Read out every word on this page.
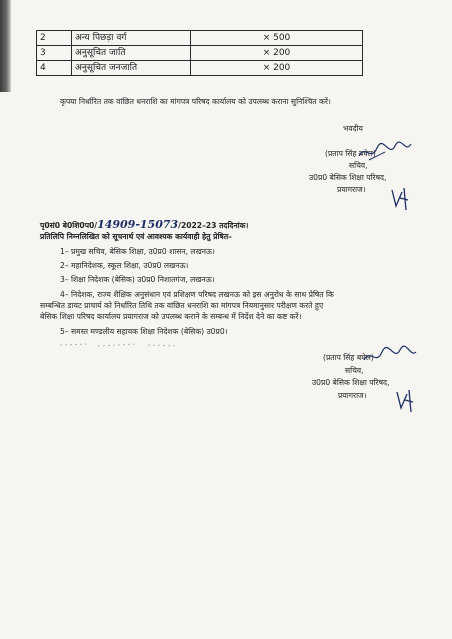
2	अन्य पिछड़ा वर्ग	× 500
3	अनुसूचित जाति	× 200
4	अनुसूचित जनजाति	× 200
कृपया निर्धारित तक वांछित धनराशि का मांगपत्र परिषद कार्यालय को उपलब्ध कराना सुनिश्चित करें।
भवदीय
(प्रताप सिंह बघेल)
सचिव,
उ0प्र0 बेसिक शिक्षा परिषद,
प्रयागराज।
पृ0सं0 बे0शि0प0/14909-15073/2022–23 तददिनांक।
प्रतिलिपि निम्नलिखित को सूचनार्थ एवं आवश्यक कार्यवाही हेतु प्रेषित–
1– प्रमुख सचिव, बेसिक शिक्षा, उ0प्र0 शासन, लखनऊ।
2– महानिदेशक, स्कूल शिक्षा, उ0प्र0 लखनऊ।
3– शिक्षा निदेशक (बेसिक) उ0प्र0 निशातगंज, लखनऊ।
4– निदेशक, राज्य शैक्षिक अनुसंधान एवं प्रशिक्षण परिषद लखनऊ को इस अनुरोध के साथ प्रेषित कि
सम्बन्धित डायट प्राचार्य को निर्धारित तिथि तक वांछित धनराशि का मांगपत्र नियमानुसार परीक्षण करते हुए
बेसिक शिक्षा परिषद कार्यालय प्रयागराज को उपलब्ध कराने के सम्बन्ध में निर्देश देने का कष्ट करें।
5– समस्त मण्डलीय सहायक शिक्षा निदेशक (बेसिक) उ0प्र0।
(प्रताप सिंह बघेल)
सचिव,
उ0प्र0 बेसिक शिक्षा परिषद,
प्रयागराज।
